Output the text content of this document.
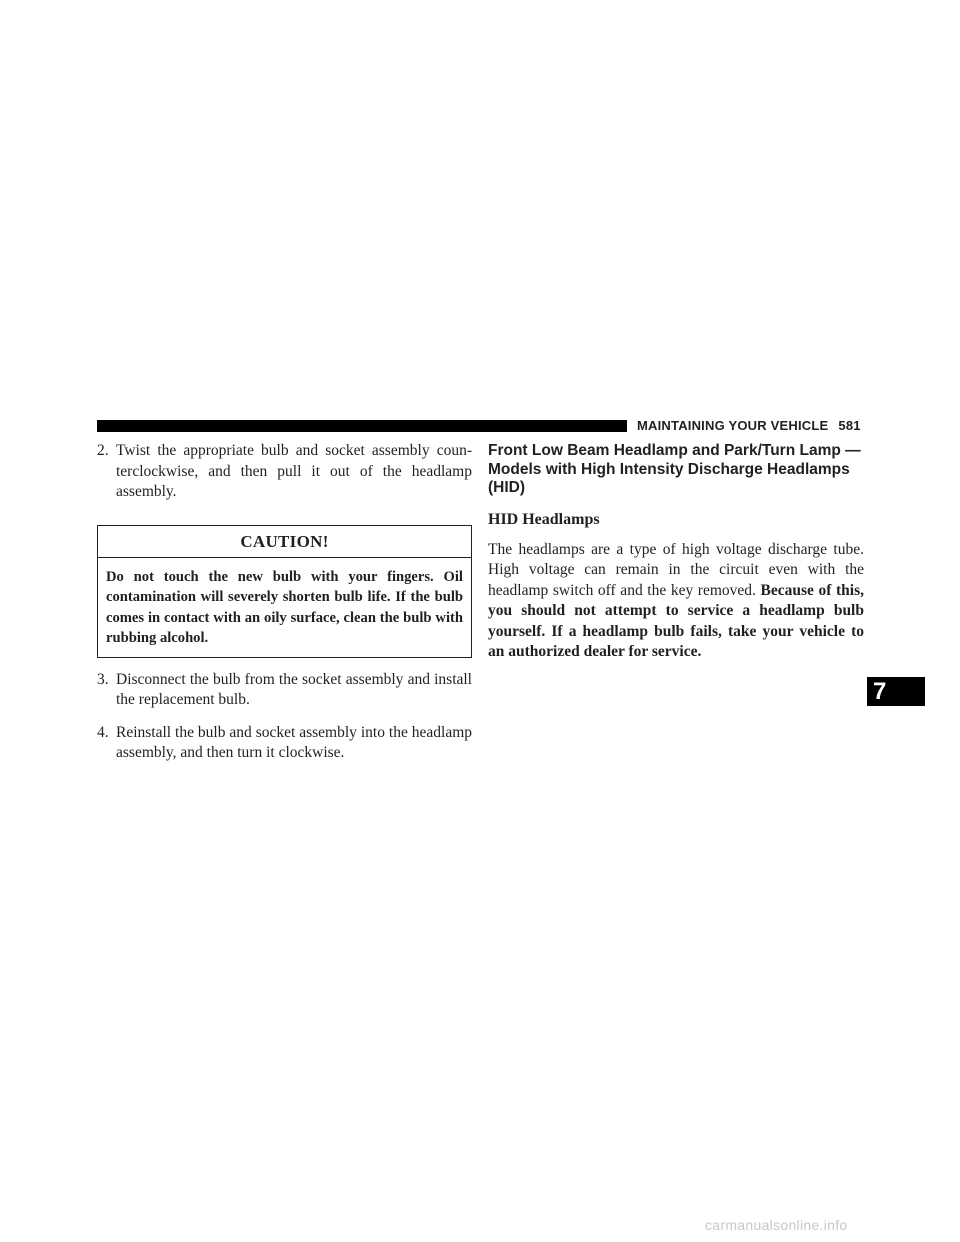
MAINTAINING YOUR VEHICLE 581
2. Twist the appropriate bulb and socket assembly counterclockwise, and then pull it out of the headlamp assembly.
CAUTION!
Do not touch the new bulb with your fingers. Oil contamination will severely shorten bulb life. If the bulb comes in contact with an oily surface, clean the bulb with rubbing alcohol.
3. Disconnect the bulb from the socket assembly and install the replacement bulb.
4. Reinstall the bulb and socket assembly into the headlamp assembly, and then turn it clockwise.
Front Low Beam Headlamp and Park/Turn Lamp — Models with High Intensity Discharge Headlamps (HID)
HID Headlamps
The headlamps are a type of high voltage discharge tube. High voltage can remain in the circuit even with the headlamp switch off and the key removed. Because of this, you should not attempt to service a headlamp bulb yourself. If a headlamp bulb fails, take your vehicle to an authorized dealer for service.
7
carmanualsonline.info
